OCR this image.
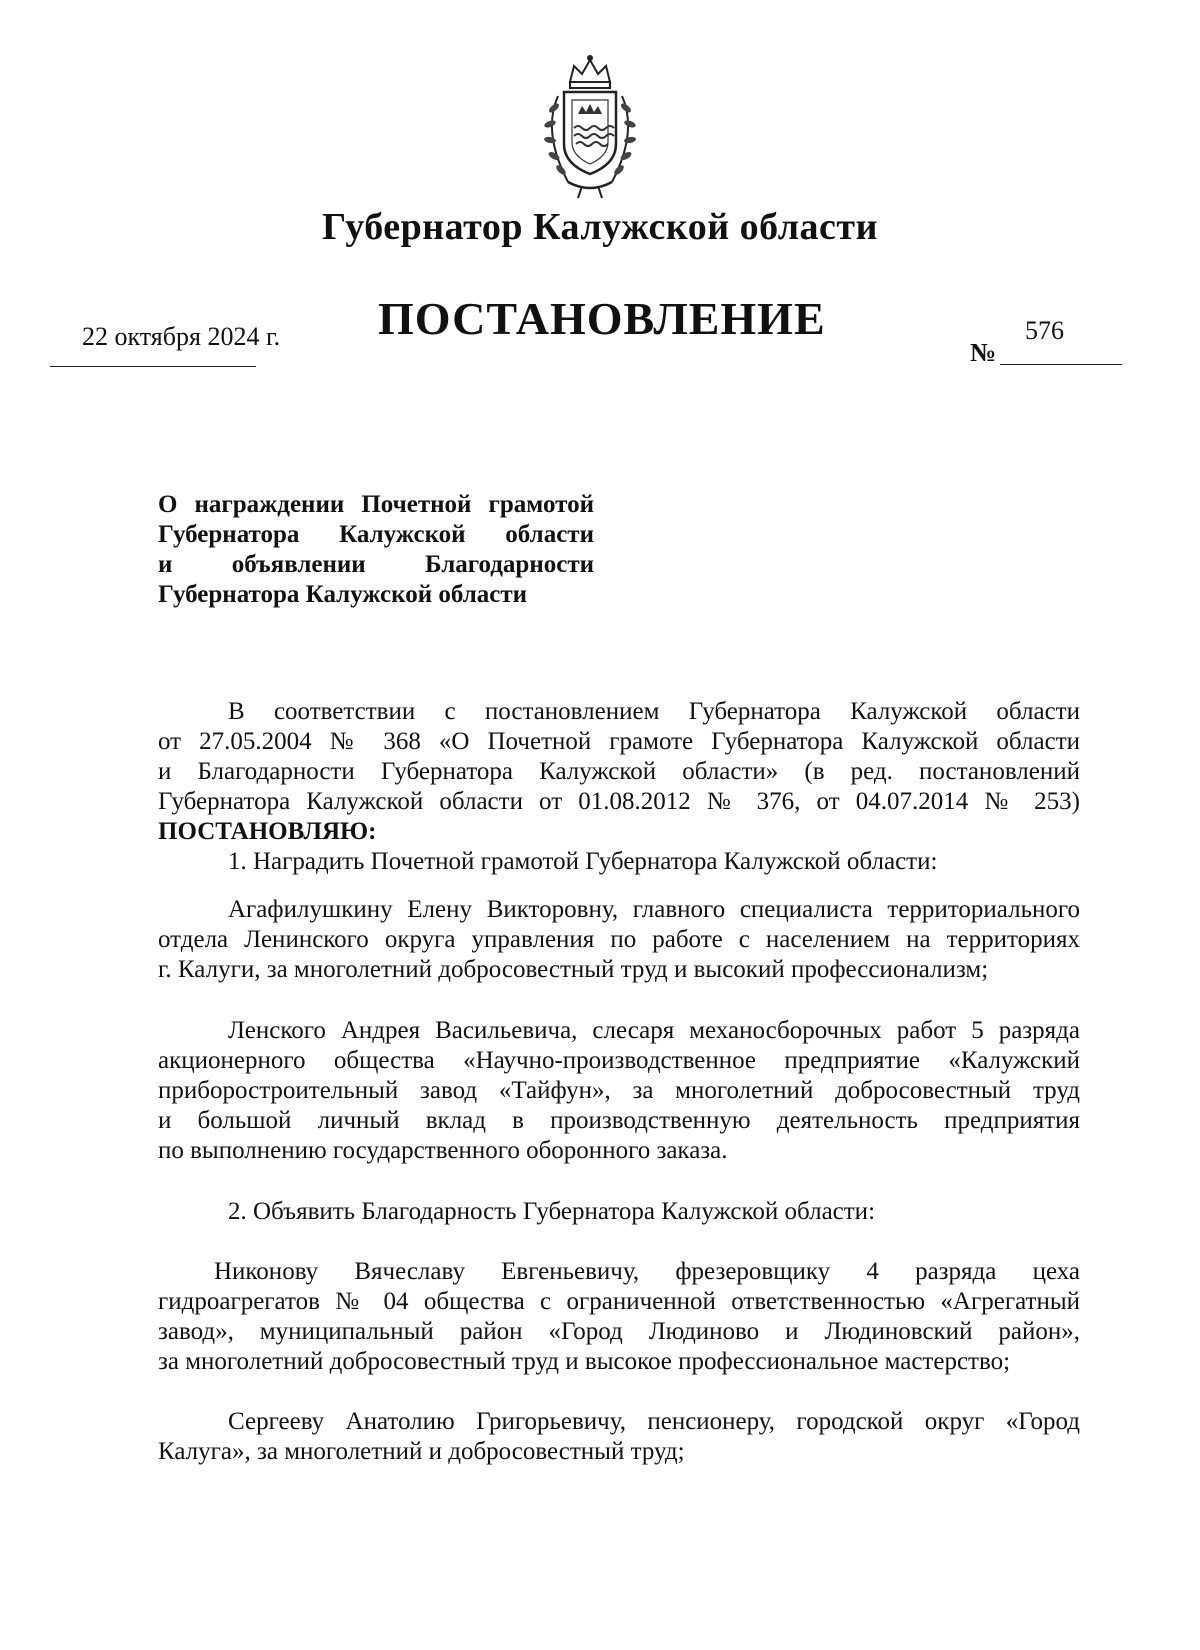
Губернатор Калужской области
ПОСТАНОВЛЕНИЕ
22 октября 2024 г.
№
576
О награждении Почетной грамотой
Губернатора Калужской области
и объявлении Благодарности
Губернатора Калужской области
В соответствии с постановлением Губернатора Калужской области
от 27.05.2004 № 368 «О Почетной грамоте Губернатора Калужской области
и Благодарности Губернатора Калужской области» (в ред. постановлений
Губернатора Калужской области от 01.08.2012 № 376, от 04.07.2014 № 253)
ПОСТАНОВЛЯЮ:
1. Наградить Почетной грамотой Губернатора Калужской области:
Агафилушкину Елену Викторовну, главного специалиста территориального
отдела Ленинского округа управления по работе с населением на территориях
г. Калуги, за многолетний добросовестный труд и высокий профессионализм;
Ленского Андрея Васильевича, слесаря механосборочных работ 5 разряда
акционерного общества «Научно-производственное предприятие «Калужский
приборостроительный завод «Тайфун», за многолетний добросовестный труд
и большой личный вклад в производственную деятельность предприятия
по выполнению государственного оборонного заказа.
2. Объявить Благодарность Губернатора Калужской области:
Никонову Вячеславу Евгеньевичу, фрезеровщику 4 разряда цеха
гидроагрегатов № 04 общества с ограниченной ответственностью «Агрегатный
завод», муниципальный район «Город Людиново и Людиновский район»,
за многолетний добросовестный труд и высокое профессиональное мастерство;
Сергееву Анатолию Григорьевичу, пенсионеру, городской округ «Город
Калуга», за многолетний и добросовестный труд;
